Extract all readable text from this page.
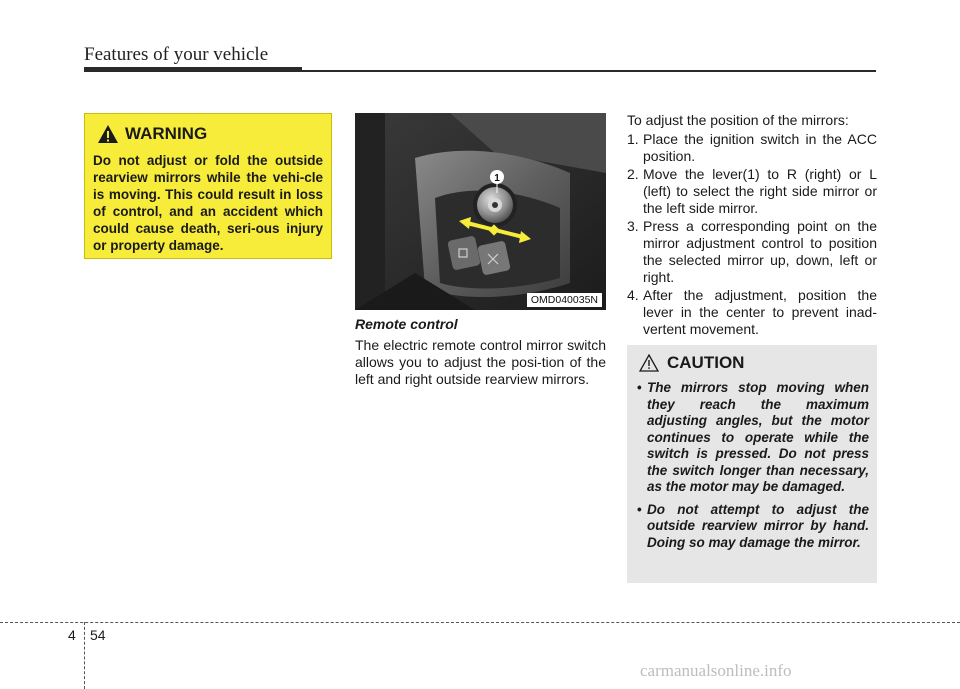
Features of your vehicle
WARNING
Do not adjust or fold the outside rearview mirrors while the vehi-cle is moving. This could result in loss of control, and an accident which could cause death, seri-ous injury or property damage.
1
OMD040035N
Remote control
The electric remote control mirror switch allows you to adjust the posi-tion of the left and right outside rearview mirrors.
To adjust the position of the mirrors:
1. Place the ignition switch in the ACC position.
2. Move the lever(1) to R (right) or L (left) to select the right side mirror or the left side mirror.
3. Press a corresponding point on the mirror adjustment control to position the selected mirror up, down, left or right.
4. After the adjustment, position the lever in the center to prevent inad-vertent movement.
CAUTION
• The mirrors stop moving when they reach the maximum adjusting angles, but the motor continues to operate while the switch is pressed. Do not press the switch longer than necessary, as the motor may be damaged.
• Do not attempt to adjust the outside rearview mirror by hand. Doing so may damage the mirror.
4 54
carmanualsonline.info
